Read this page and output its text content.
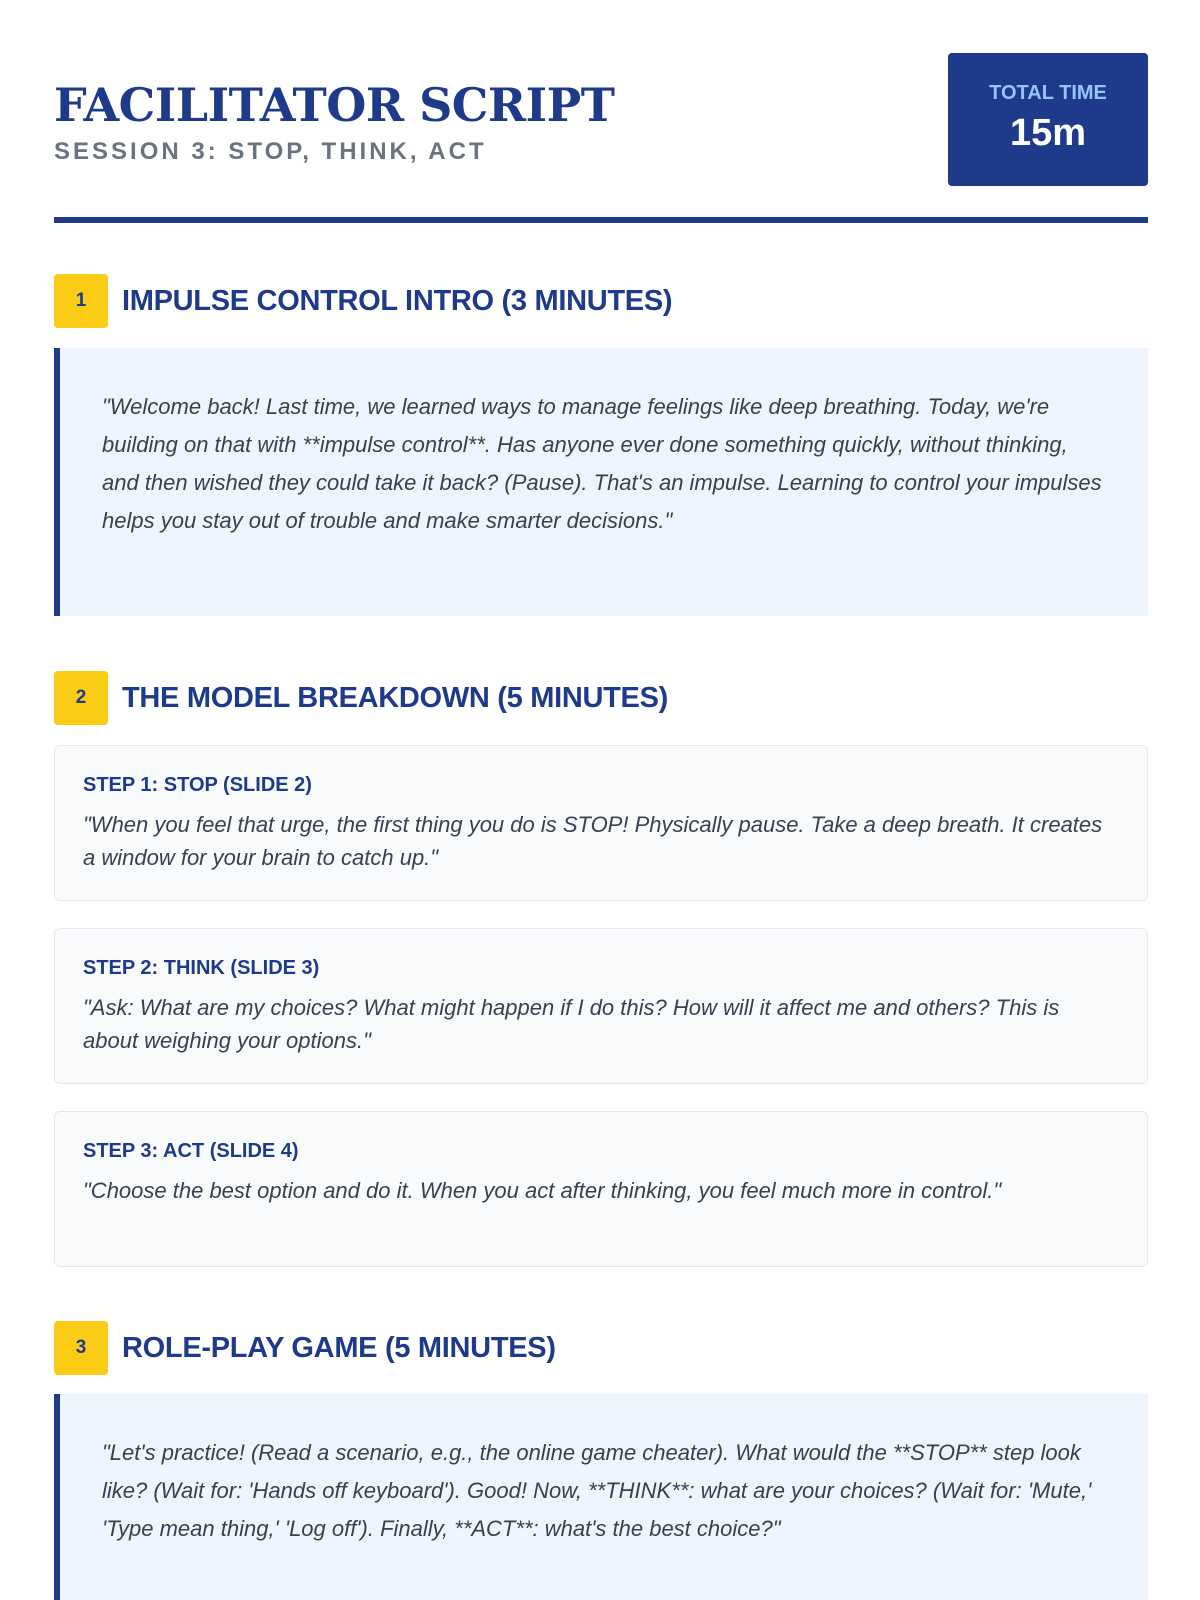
FACILITATOR SCRIPT
SESSION 3: STOP, THINK, ACT
TOTAL TIME
15m
1	IMPULSE CONTROL INTRO (3 MINUTES)
"Welcome back! Last time, we learned ways to manage feelings like deep breathing. Today, we're building on that with **impulse control**. Has anyone ever done something quickly, without thinking, and then wished they could take it back? (Pause). That's an impulse. Learning to control your impulses helps you stay out of trouble and make smarter decisions."
2	THE MODEL BREAKDOWN (5 MINUTES)
STEP 1: STOP (SLIDE 2)
"When you feel that urge, the first thing you do is STOP! Physically pause. Take a deep breath. It creates a window for your brain to catch up."
STEP 2: THINK (SLIDE 3)
"Ask: What are my choices? What might happen if I do this? How will it affect me and others? This is about weighing your options."
STEP 3: ACT (SLIDE 4)
"Choose the best option and do it. When you act after thinking, you feel much more in control."
3	ROLE-PLAY GAME (5 MINUTES)
"Let's practice! (Read a scenario, e.g., the online game cheater). What would the **STOP** step look like? (Wait for: 'Hands off keyboard'). Good! Now, **THINK**: what are your choices? (Wait for: 'Mute,' 'Type mean thing,' 'Log off'). Finally, **ACT**: what's the best choice?"
